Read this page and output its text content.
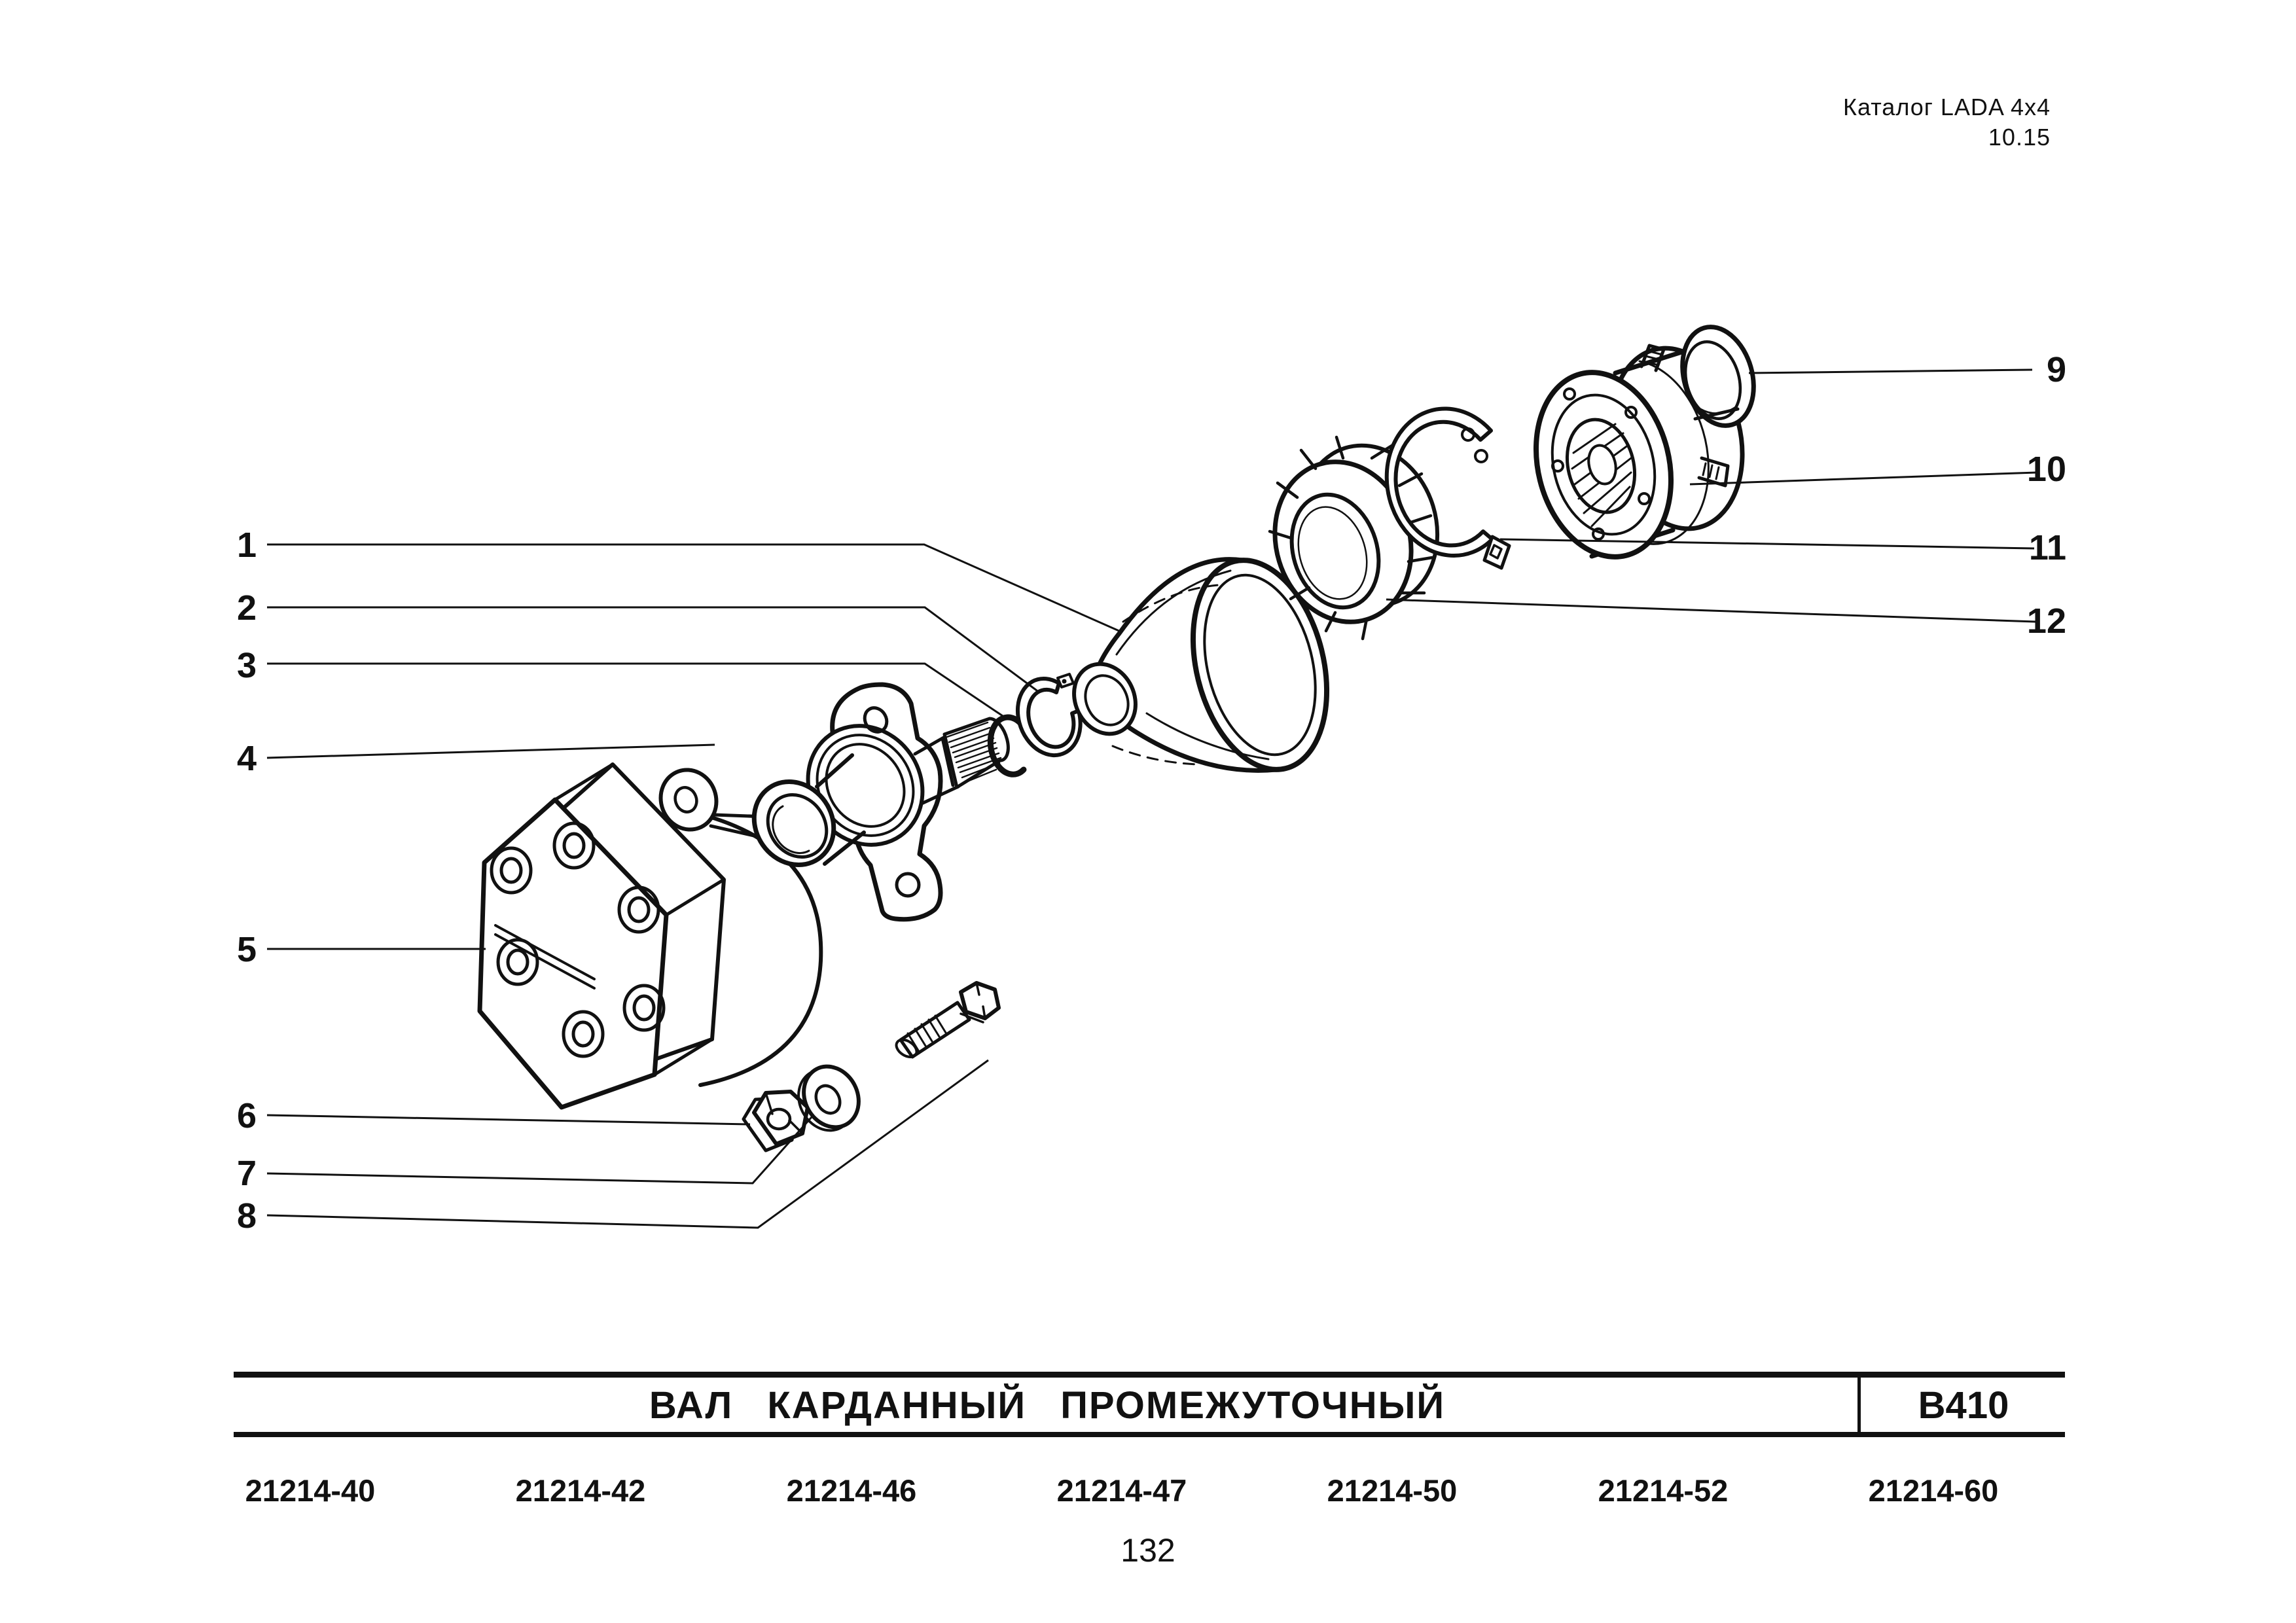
1
2
3
4
5
6
7
8
9
10
11
12
Каталог LADA 4x4
10.15
ВАЛ КАРДАННЫЙ ПРОМЕЖУТОЧНЫЙ	B410
21214-40	21214-42	21214-46	21214-47	21214-50	21214-52	21214-60
132
